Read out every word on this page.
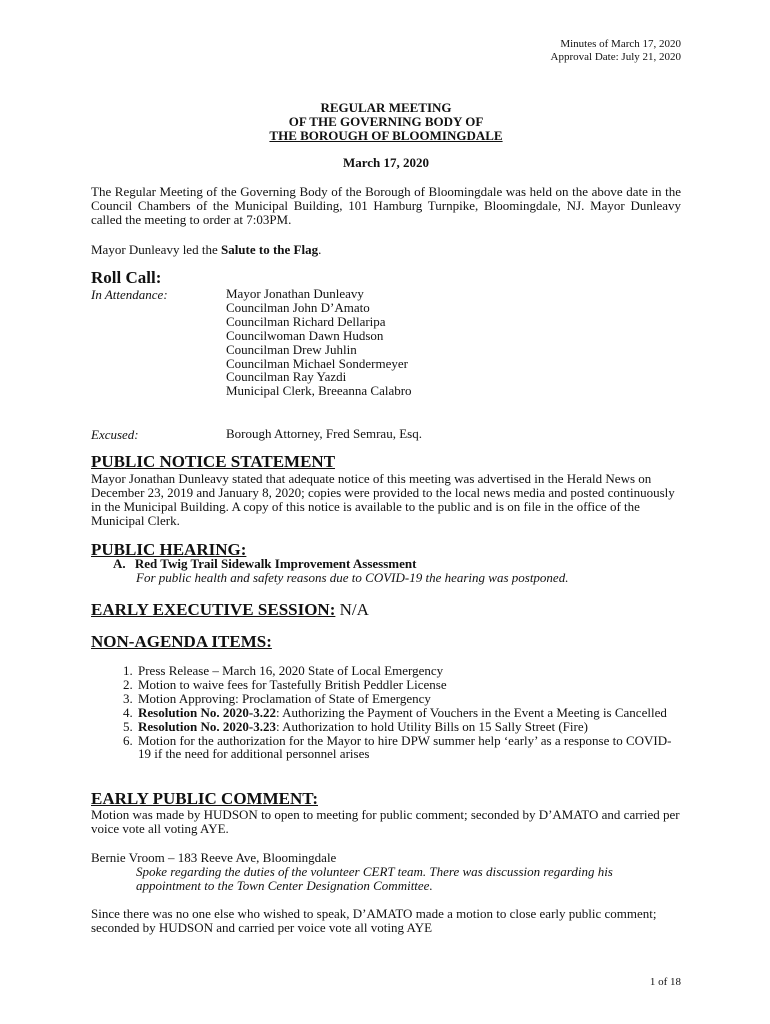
Minutes of March 17, 2020
Approval Date: July 21, 2020
REGULAR MEETING
OF THE GOVERNING BODY OF
THE BOROUGH OF BLOOMINGDALE
March 17, 2020

The Regular Meeting of the Governing Body of the Borough of Bloomingdale was held on the above date in the Council Chambers of the Municipal Building, 101 Hamburg Turnpike, Bloomingdale, NJ. Mayor Dunleavy called the meeting to order at 7:03PM.

Mayor Dunleavy led the Salute to the Flag.

Roll Call:
In Attendance:	Mayor Jonathan Dunleavy
Councilman John D’Amato
Councilman Richard Dellaripa
Councilwoman Dawn Hudson
Councilman Drew Juhlin
Councilman Michael Sondermeyer
Councilman Ray Yazdi
Municipal Clerk, Breeanna Calabro
Excused:	Borough Attorney, Fred Semrau, Esq.
PUBLIC NOTICE STATEMENT

Mayor Jonathan Dunleavy stated that adequate notice of this meeting was advertised in the Herald News on December 23, 2019 and January 8, 2020; copies were provided to the local news media and posted continuously in the Municipal Building. A copy of this notice is available to the public and is on file in the office of the Municipal Clerk.

PUBLIC HEARING:
A. Red Twig Trail Sidewalk Improvement Assessment
For public health and safety reasons due to COVID-19 the hearing was postponed.
EARLY EXECUTIVE SESSION: N/A
NON-AGENDA ITEMS:
1. Press Release – March 16, 2020 State of Local Emergency
2. Motion to waive fees for Tastefully British Peddler License
3. Motion Approving: Proclamation of State of Emergency
4. Resolution No. 2020-3.22: Authorizing the Payment of Vouchers in the Event a Meeting is Cancelled
5. Resolution No. 2020-3.23: Authorization to hold Utility Bills on 15 Sally Street (Fire)
6. Motion for the authorization for the Mayor to hire DPW summer help ‘early’ as a response to COVID-19 if the need for additional personnel arises
EARLY PUBLIC COMMENT:

Motion was made by HUDSON to open to meeting for public comment; seconded by D’AMATO and carried per voice vote all voting AYE.

Bernie Vroom – 183 Reeve Ave, Bloomingdale
Spoke regarding the duties of the volunteer CERT team. There was discussion regarding his appointment to the Town Center Designation Committee.

Since there was no one else who wished to speak, D’AMATO made a motion to close early public comment; seconded by HUDSON and carried per voice vote all voting AYE

1 of 18
